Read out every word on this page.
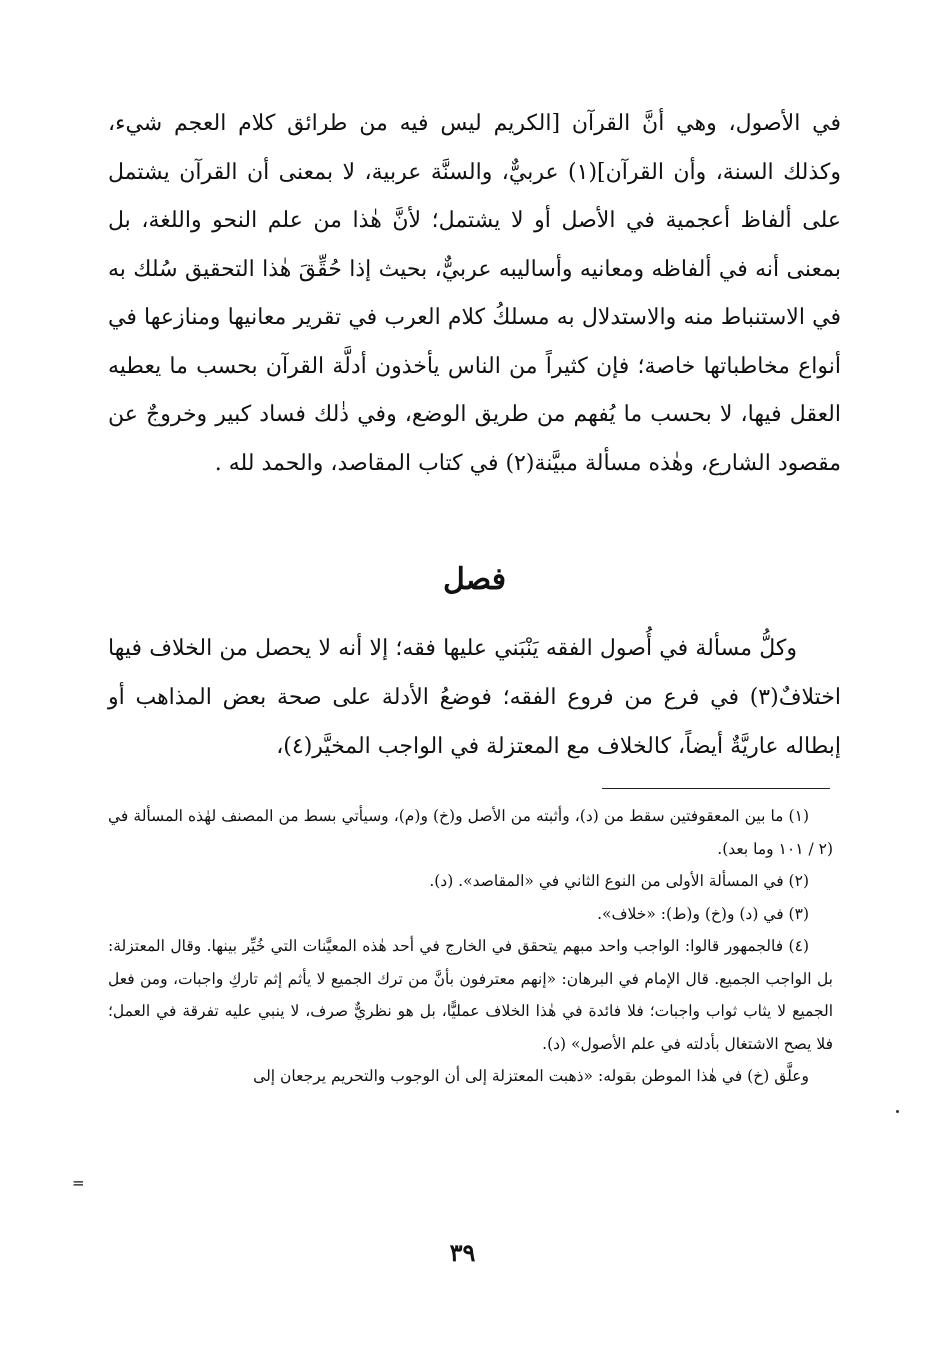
في الأصول، وهي أنَّ القرآن [الكريم ليس فيه من طرائق كلام العجم شيء، وكذلك السنة، وأن القرآن](١) عربيٌّ، والسنَّة عربية، لا بمعنى أن القرآن يشتمل على ألفاظ أعجمية في الأصل أو لا يشتمل؛ لأنَّ هٰذا من علم النحو واللغة، بل بمعنى أنه في ألفاظه ومعانيه وأساليبه عربيٌّ، بحيث إذا حُقِّقَ هٰذا التحقيق سُلك به في الاستنباط منه والاستدلال به مسلكُ كلام العرب في تقرير معانيها ومنازعها في أنواع مخاطباتها خاصة؛ فإن كثيراً من الناس يأخذون أدلَّة القرآن بحسب ما يعطيه العقل فيها، لا بحسب ما يُفهم من طريق الوضع، وفي ذٰلك فساد كبير وخروجٌ عن مقصود الشارع، وهٰذه مسألة مبيَّنة(٢) في كتاب المقاصد، والحمد لله .

فصل

وكلُّ مسألة في أُصول الفقه يَنْبَني عليها فقه؛ إلا أنه لا يحصل من الخلاف فيها اختلافٌ(٣) في فرع من فروع الفقه؛ فوضعُ الأدلة على صحة بعض المذاهب أو إبطاله عاريَّةٌ أيضاً، كالخلاف مع المعتزلة في الواجب المخيَّر(٤)،

(١) ما بين المعقوفتين سقط من (د)، وأثبته من الأصل و(خ) و(م)، وسيأتي بسط من المصنف لهٰذه المسألة في (٢ / ١٠١ وما بعد).

(٢) في المسألة الأولى من النوع الثاني في «المقاصد». (د).

(٣) في (د) و(خ) و(ط): «خلاف».

(٤) فالجمهور قالوا: الواجب واحد مبهم يتحقق في الخارج في أحد هٰذه المعيَّنات التي خُيِّر بينها. وقال المعتزلة: بل الواجب الجميع. قال الإمام في البرهان: «إنهم معترفون بأنَّ من ترك الجميع لا يأثم إثم تاركِ واجبات، ومن فعل الجميع لا يثاب ثواب واجبات؛ فلا فائدة في هٰذا الخلاف عمليًّا، بل هو نظريٌّ صرف، لا ينبي عليه تفرقة في العمل؛ فلا يصح الاشتغال بأدلته في علم الأصول» (د).

وعلَّق (خ) في هٰذا الموطن بقوله: «ذهبت المعتزلة إلى أن الوجوب والتحريم يرجعان إلى

=
٣٩
